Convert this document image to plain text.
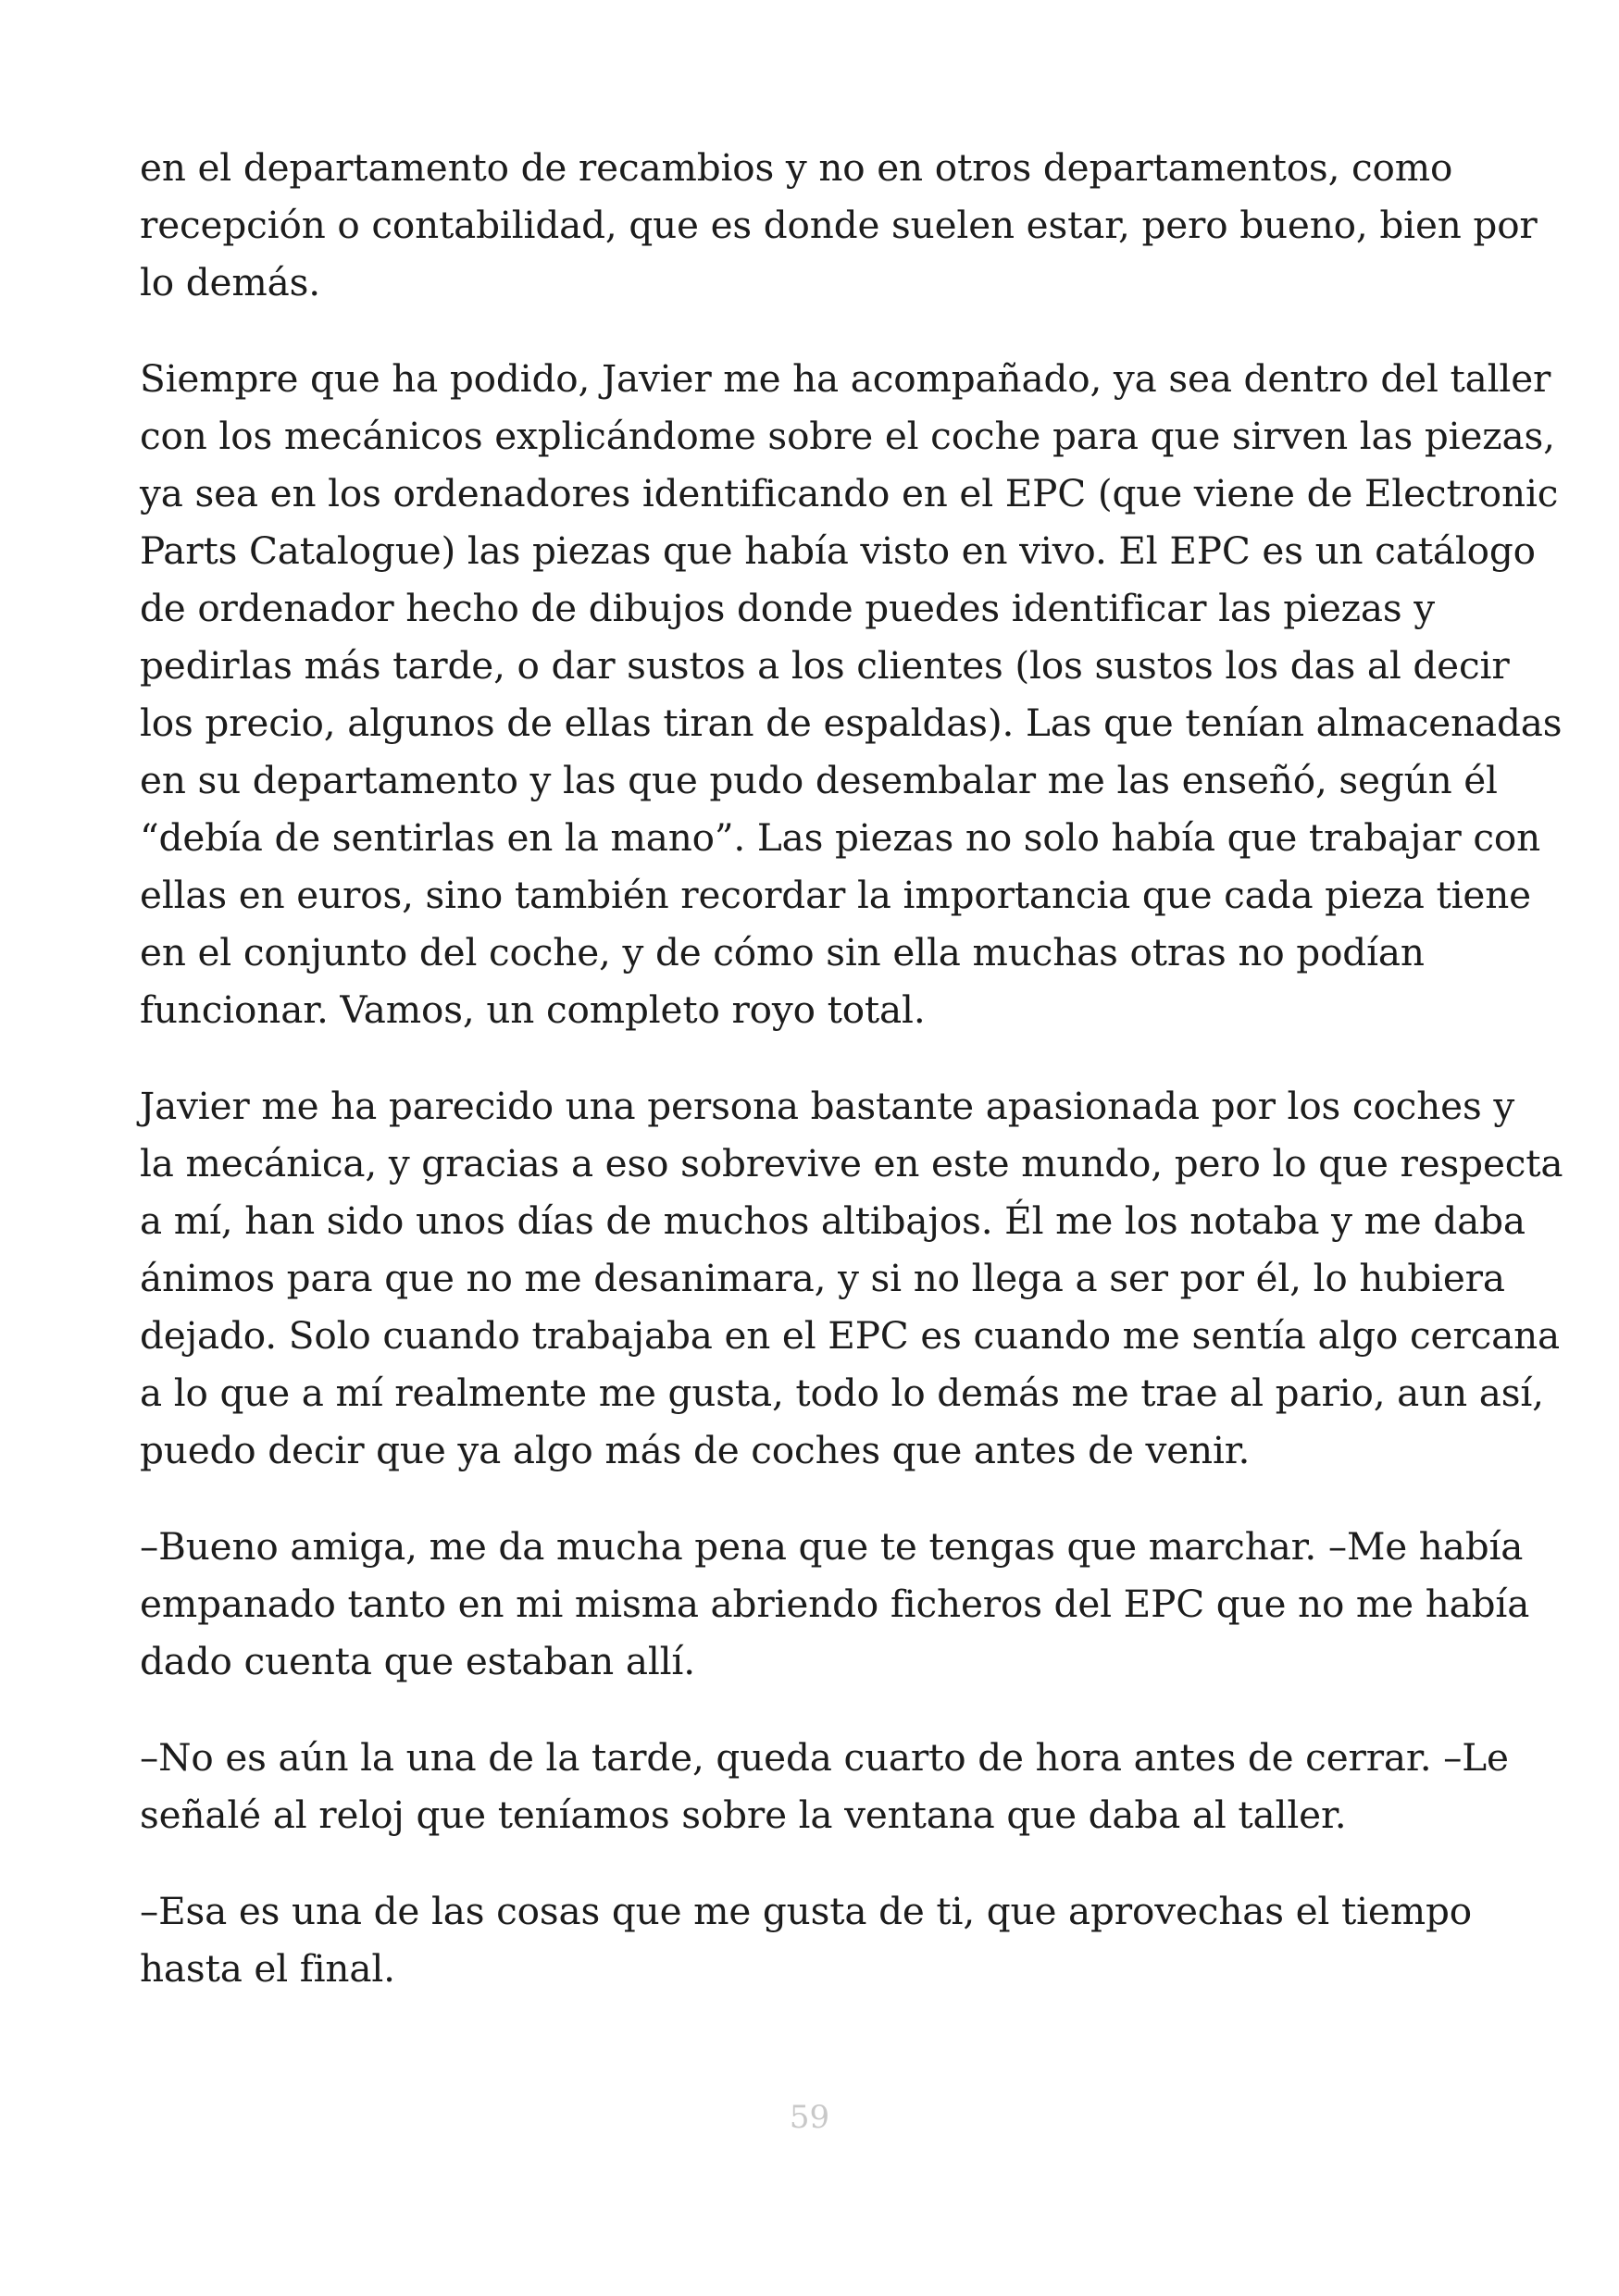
en el departamento de recambios y no en otros departamentos, como
recepción o contabilidad, que es donde suelen estar, pero bueno, bien por
lo demás.

Siempre que ha podido, Javier me ha acompañado, ya sea dentro del taller
con los mecánicos explicándome sobre el coche para que sirven las piezas,
ya sea en los ordenadores identificando en el EPC (que viene de Electronic
Parts Catalogue) las piezas que había visto en vivo. El EPC es un catálogo
de ordenador hecho de dibujos donde puedes identificar las piezas y
pedirlas más tarde, o dar sustos a los clientes (los sustos los das al decir
los precio, algunos de ellas tiran de espaldas). Las que tenían almacenadas
en su departamento y las que pudo desembalar me las enseñó, según él
“debía de sentirlas en la mano”. Las piezas no solo había que trabajar con
ellas en euros, sino también recordar la importancia que cada pieza tiene
en el conjunto del coche, y de cómo sin ella muchas otras no podían
funcionar. Vamos, un completo royo total.

Javier me ha parecido una persona bastante apasionada por los coches y
la mecánica, y gracias a eso sobrevive en este mundo, pero lo que respecta
a mí, han sido unos días de muchos altibajos. Él me los notaba y me daba
ánimos para que no me desanimara, y si no llega a ser por él, lo hubiera
dejado. Solo cuando trabajaba en el EPC es cuando me sentía algo cercana
a lo que a mí realmente me gusta, todo lo demás me trae al pario, aun así,
puedo decir que ya algo más de coches que antes de venir.

–Bueno amiga, me da mucha pena que te tengas que marchar. –Me había
empanado tanto en mi misma abriendo ficheros del EPC que no me había
dado cuenta que estaban allí.

–No es aún la una de la tarde, queda cuarto de hora antes de cerrar. –Le
señalé al reloj que teníamos sobre la ventana que daba al taller.

–Esa es una de las cosas que me gusta de ti, que aprovechas el tiempo
hasta el final.

59
